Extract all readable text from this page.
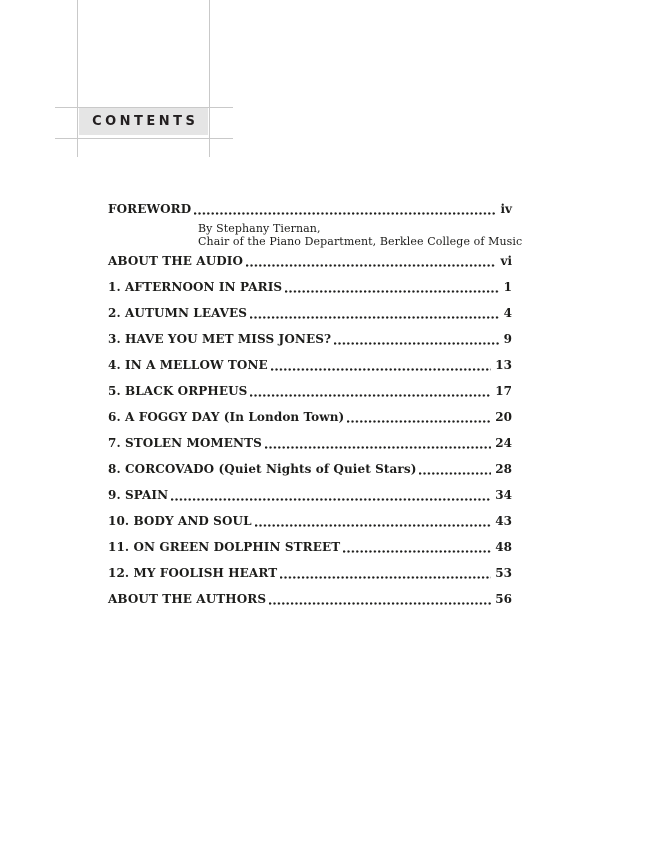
CONTENTS
FOREWORD	iv
By Stephany Tiernan,
Chair of the Piano Department, Berklee College of Music
ABOUT THE AUDIO	vi
1. AFTERNOON IN PARIS	1
2. AUTUMN LEAVES	4
3. HAVE YOU MET MISS JONES?	9
4. IN A MELLOW TONE	13
5. BLACK ORPHEUS	17
6. A FOGGY DAY (In London Town)	20
7. STOLEN MOMENTS	24
8. CORCOVADO (Quiet Nights of Quiet Stars)	28
9. SPAIN	34
10. BODY AND SOUL	43
11. ON GREEN DOLPHIN STREET	48
12. MY FOOLISH HEART	53
ABOUT THE AUTHORS	56
